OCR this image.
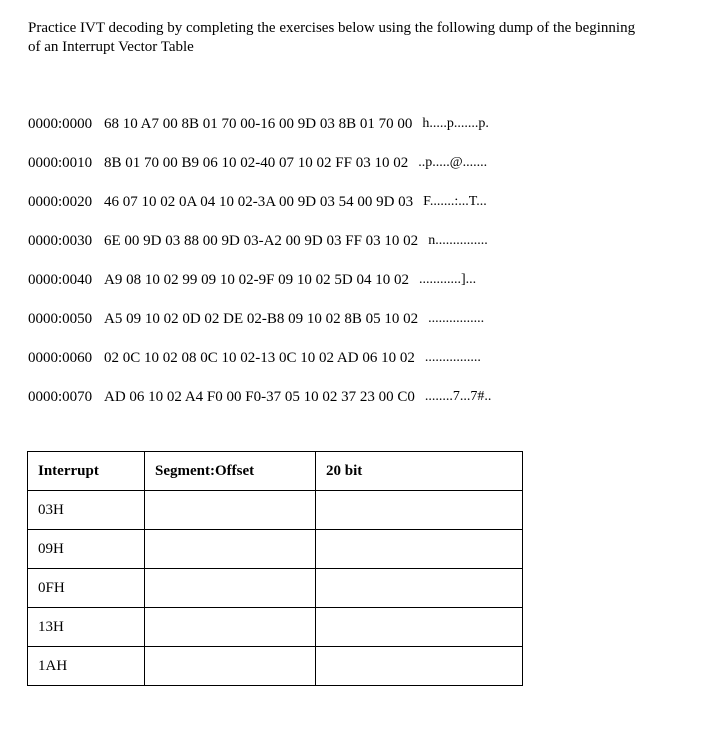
Practice IVT decoding by completing the exercises below using the following dump of the beginning of an Interrupt Vector Table
0000:0000 68 10 A7 00 8B 01 70 00-16 00 9D 03 8B 01 70 00 h.....p.......p.
0000:0010 8B 01 70 00 B9 06 10 02-40 07 10 02 FF 03 10 02 ..p.....@.......
0000:0020 46 07 10 02 0A 04 10 02-3A 00 9D 03 54 00 9D 03 F.......:...T...
0000:0030 6E 00 9D 03 88 00 9D 03-A2 00 9D 03 FF 03 10 02 n...............
0000:0040 A9 08 10 02 99 09 10 02-9F 09 10 02 5D 04 10 02 ............]...
0000:0050 A5 09 10 02 0D 02 DE 02-B8 09 10 02 8B 05 10 02 ................
0000:0060 02 0C 10 02 08 0C 10 02-13 0C 10 02 AD 06 10 02 ................
0000:0070 AD 06 10 02 A4 F0 00 F0-37 05 10 02 37 23 00 C0 ........7...7#..
Interrupt	Segment:Offset	20 bit
03H		
09H		
0FH		
13H		
1AH		
